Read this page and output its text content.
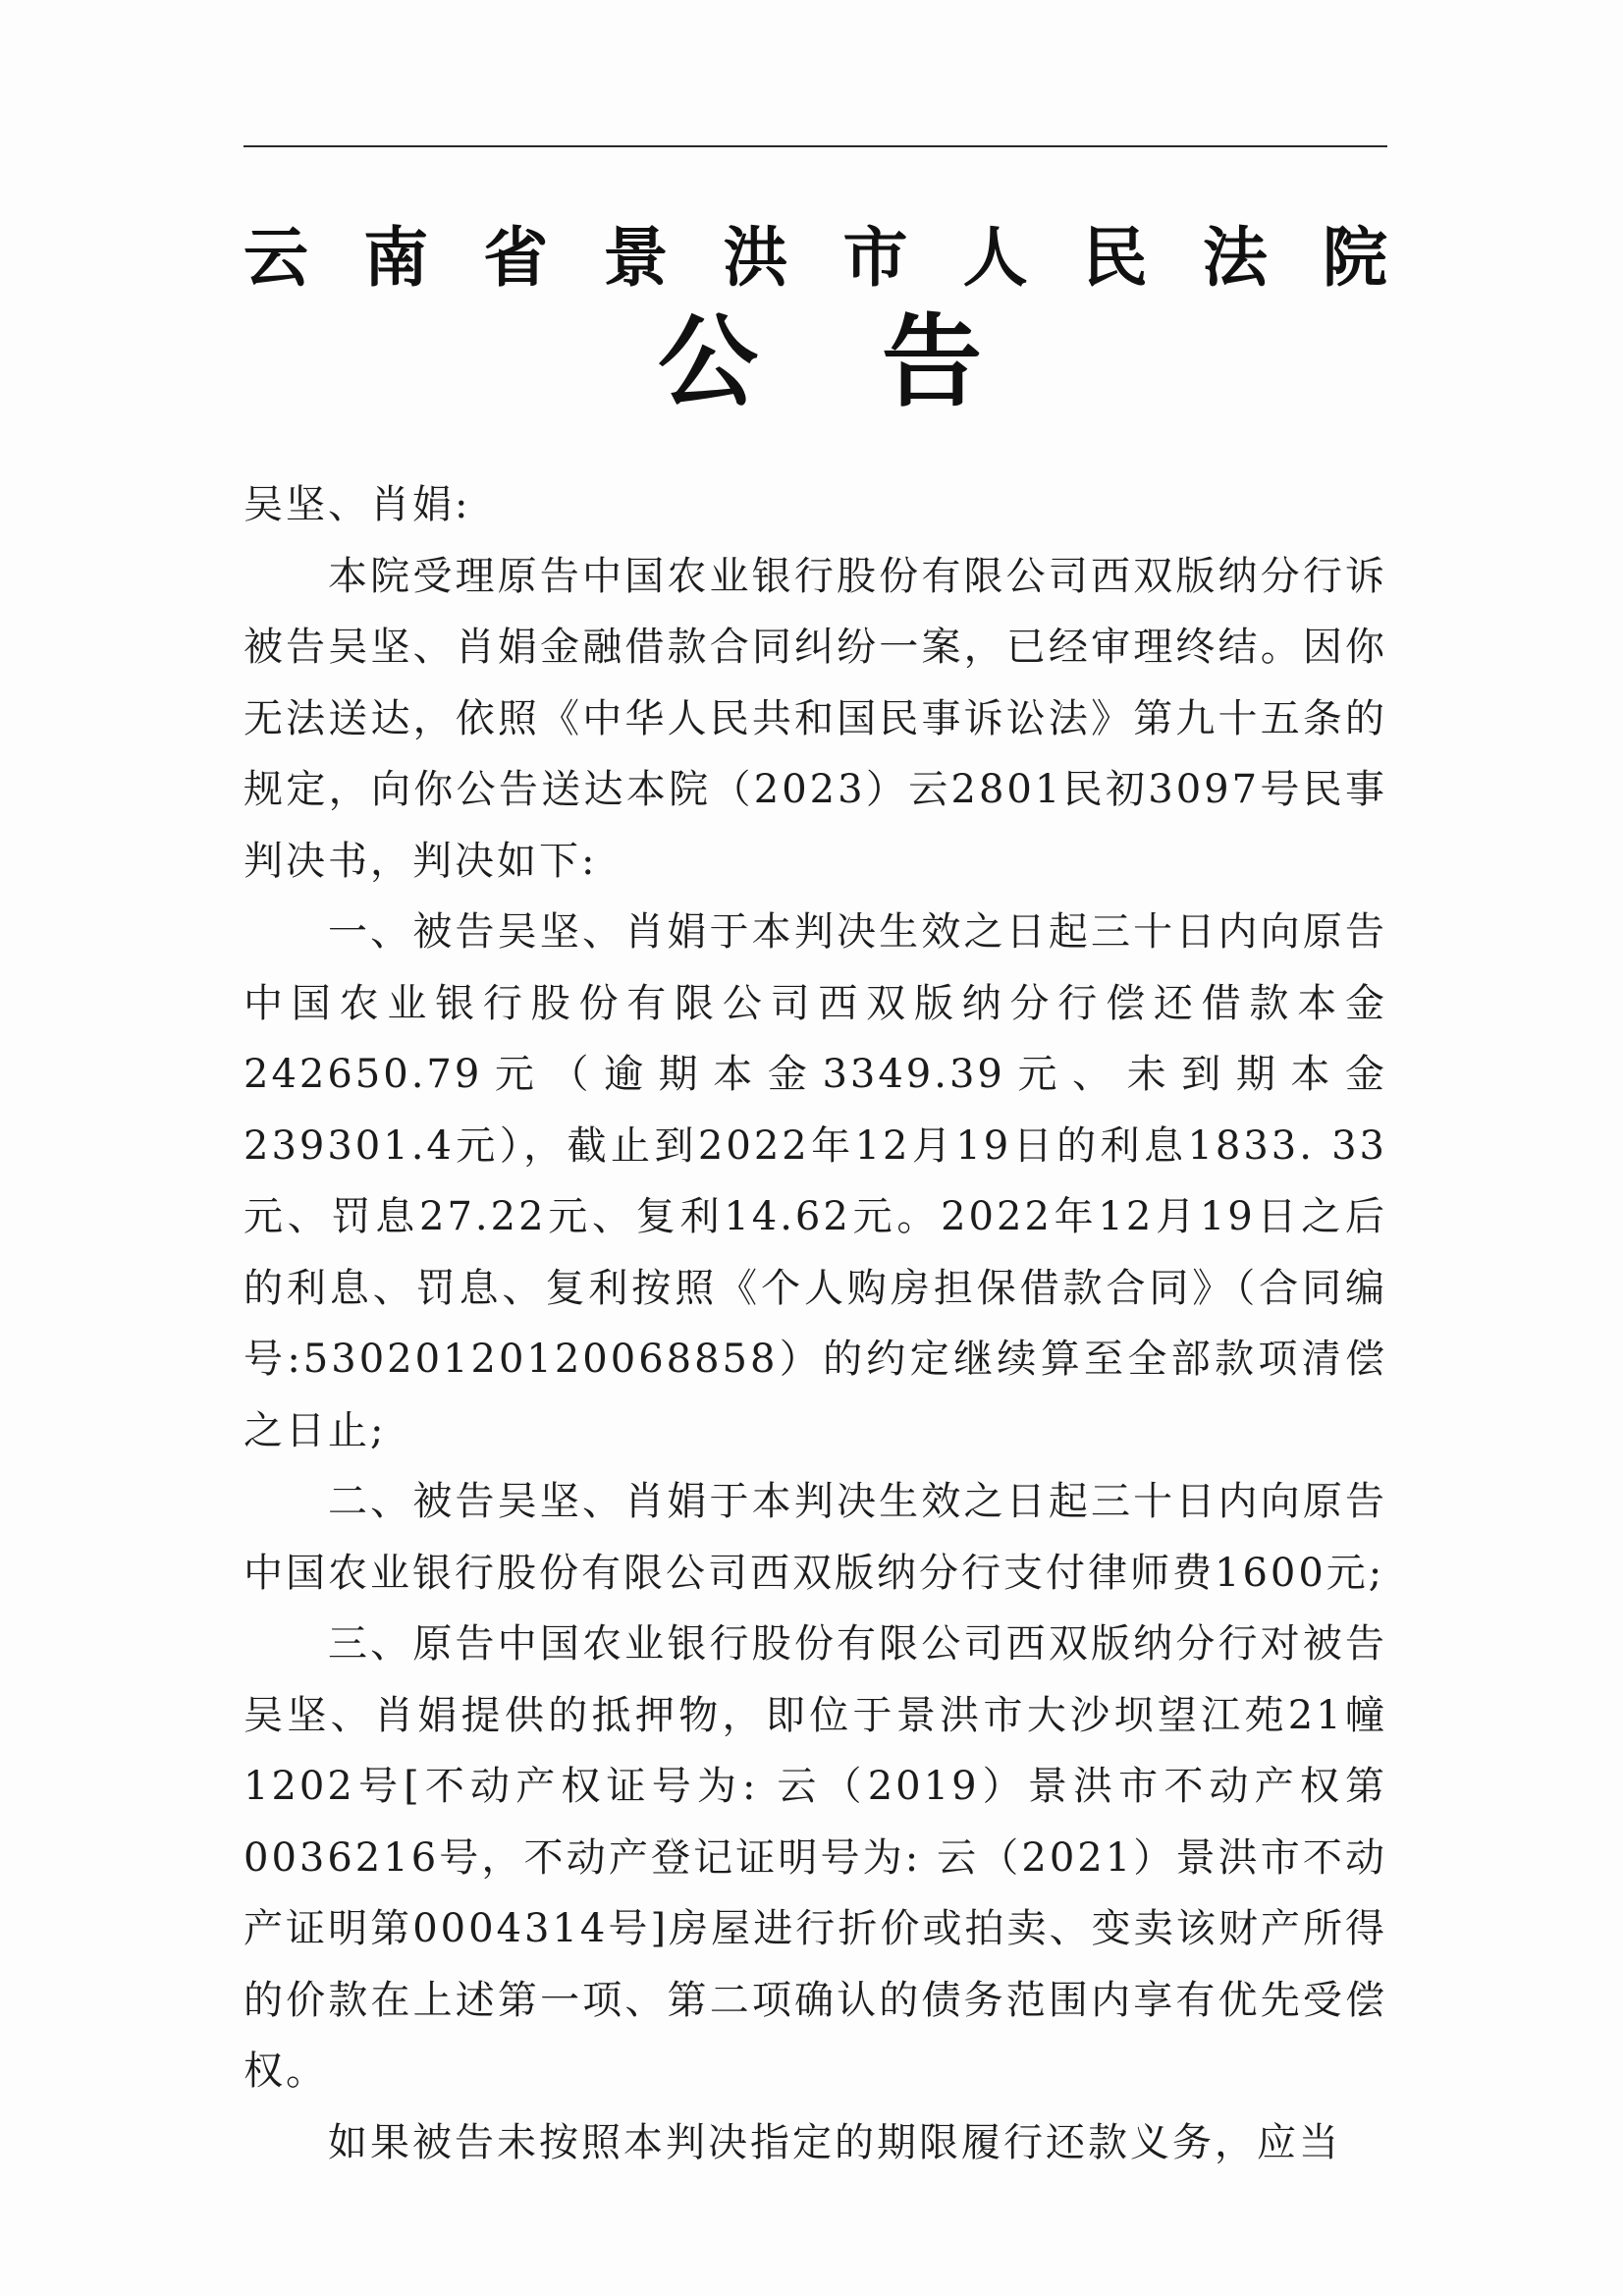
云南省景洪市人民法院
公告

吴坚、肖娟:

本院受理原告中国农业银行股份有限公司西双版纳分行诉被告吴坚、肖娟金融借款合同纠纷一案，已经审理终结。因你无法送达，依照《中华人民共和国民事诉讼法》第九十五条的规定，向你公告送达本院（2023）云2801民初3097号民事判决书，判决如下:

一、被告吴坚、肖娟于本判决生效之日起三十日内向原告中国农业银行股份有限公司西双版纳分行偿还借款本金242650.79元（逾期本金3349.39元、未到期本金239301.4元），截止到2022年12月19日的利息1833. 33元、罚息27.22元、复利14.62元。2022年12月19日之后的利息、罚息、复利按照《个人购房担保借款合同》（合同编号:53020120120068858）的约定继续算至全部款项清偿之日止;

二、被告吴坚、肖娟于本判决生效之日起三十日内向原告中国农业银行股份有限公司西双版纳分行支付律师费1600元;

三、原告中国农业银行股份有限公司西双版纳分行对被告吴坚、肖娟提供的抵押物，即位于景洪市大沙坝望江苑21幢1202号[不动产权证号为: 云（2019）景洪市不动产权第0036216号，不动产登记证明号为: 云（2021）景洪市不动产证明第0004314号]房屋进行折价或拍卖、变卖该财产所得的价款在上述第一项、第二项确认的债务范围内享有优先受偿权。

如果被告未按照本判决指定的期限履行还款义务，应当
